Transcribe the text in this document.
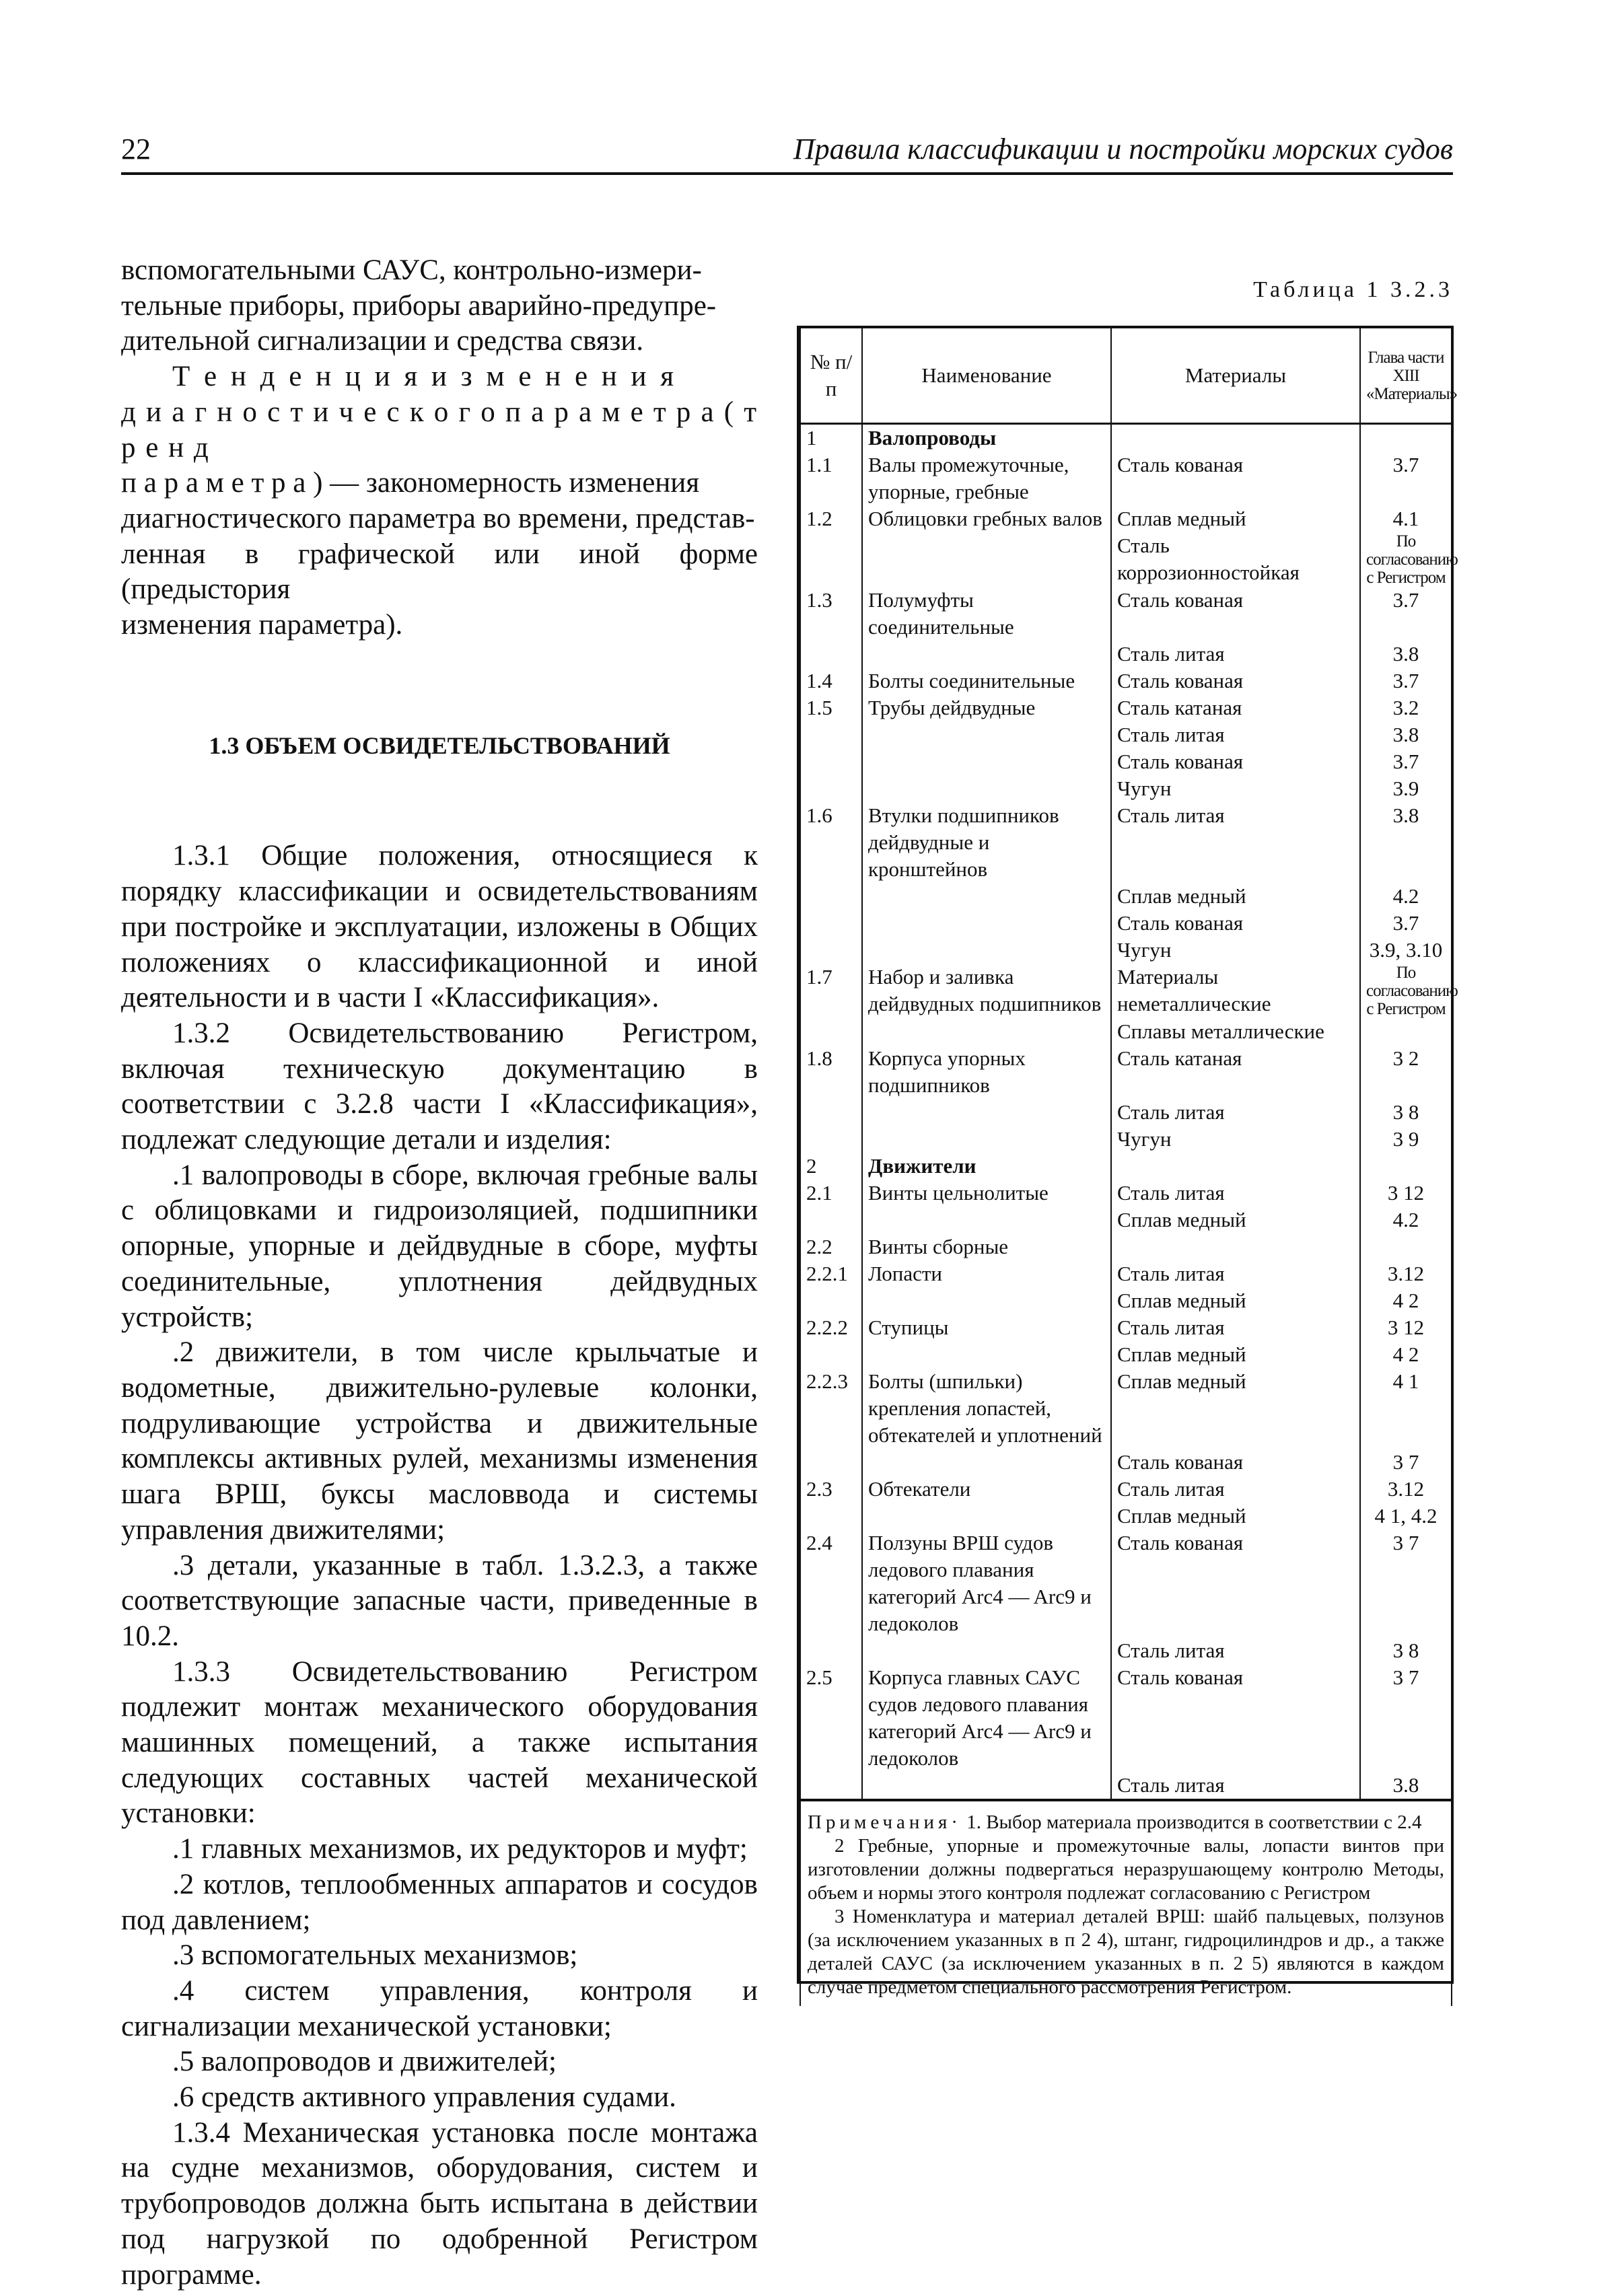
22	Правила классификации и постройки морских судов

вспомогательными САУС, контрольно-измери-

тельные приборы, приборы аварийно-предупре-

дительной сигнализации и средства связи.

Т е н д е н ц и я и з м е н е н и я

д и а г н о с т и ч е с к о г о п а р а м е т р а ( т р е н д

п а р а м е т р а ) — закономерность изменения

диагностического параметра во времени, представ-

ленная в графической или иной форме (предыстория

изменения параметра).

1.3 ОБЪЕМ ОСВИДЕТЕЛЬСТВОВАНИЙ

1.3.1 Общие положения, относящиеся к порядку классификации и освидетельствованиям при постройке и эксплуатации, изложены в Общих положениях о классификационной и иной деятельности и в части I «Классификация».

1.3.2 Освидетельствованию Регистром, включая техническую документацию в соответствии с 3.2.8 части I «Классификация», подлежат следующие детали и изделия:

.1 валопроводы в сборе, включая гребные валы с облицовками и гидроизоляцией, подшипники опорные, упорные и дейдвудные в сборе, муфты соединительные, уплотнения дейдвудных устройств;

.2 движители, в том числе крыльчатые и водометные, движительно-рулевые колонки, подруливающие устройства и движительные комплексы активных рулей, механизмы изменения шага ВРШ, буксы масловвода и системы управления движителями;

.3 детали, указанные в табл. 1.3.2.3, а также соответствующие запасные части, приведенные в 10.2.

1.3.3 Освидетельствованию Регистром подлежит монтаж механического оборудования машинных помещений, а также испытания следующих составных частей механической установки:

.1 главных механизмов, их редукторов и муфт;

.2 котлов, теплообменных аппаратов и сосудов под давлением;

.3 вспомогательных механизмов;

.4 систем управления, контроля и сигнализации механической установки;

.5 валопроводов и движителей;

.6 средств активного управления судами.

1.3.4 Механическая установка после монтажа на судне механизмов, оборудования, систем и трубопроводов должна быть испытана в действии под нагрузкой по одобренной Регистром программе.

Таблица 1 3.2.3
№ п/п	Наименование	Материалы	Глава части XIII «Материалы»
1	Валопроводы		
1.1	Валы промежуточные, упорные, гребные	Сталь кованая	3.7
1.2	Облицовки гребных валов	Сплав медный	4.1
		Сталь коррозионностойкая	По согласованию с Регистром
1.3	Полумуфты соединительные	Сталь кованая	3.7
		Сталь литая	3.8
1.4	Болты соединительные	Сталь кованая	3.7
1.5	Трубы дейдвудные	Сталь катаная	3.2
		Сталь литая	3.8
		Сталь кованая	3.7
		Чугун	3.9
1.6	Втулки подшипников дейдвудные и кронштейнов	Сталь литая	3.8
		Сплав медный	4.2
		Сталь кованая	3.7
		Чугун	3.9, 3.10
1.7	Набор и заливка дейдвудных подшипников	Материалы неметаллические	По согласованию с Регистром
		Сплавы металлические	
1.8	Корпуса упорных подшипников	Сталь катаная	3 2
		Сталь литая	3 8
		Чугун	3 9
2	Движители		
2.1	Винты цельнолитые	Сталь литая	3 12
		Сплав медный	4.2
2.2	Винты сборные		
2.2.1	Лопасти	Сталь литая	3.12
		Сплав медный	4 2
2.2.2	Ступицы	Сталь литая	3 12
		Сплав медный	4 2
2.2.3	Болты (шпильки) крепления лопастей, обтекателей и уплотнений	Сплав медный	4 1
		Сталь кованая	3 7
2.3	Обтекатели	Сталь литая	3.12
		Сплав медный	4 1, 4.2
2.4	Ползуны ВРШ судов ледового плавания категорий Arc4 — Arc9 и ледоколов	Сталь кованая	3 7
		Сталь литая	3 8
2.5	Корпуса главных САУС судов ледового плавания категорий Arc4 — Arc9 и ледоколов	Сталь кованая	3 7
		Сталь литая	3.8

Примечания· 1. Выбор материала производится в соответствии с 2.4

2 Гребные, упорные и промежуточные валы, лопасти винтов при изготовлении должны подвергаться неразрушающему контролю Методы, объем и нормы этого контроля подлежат согласованию с Регистром

3 Номенклатура и материал деталей ВРШ: шайб пальцевых, ползунов (за исключением указанных в п 2 4), штанг, гидроцилиндров и др., а также деталей САУС (за исключением указанных в п. 2 5) являются в каждом случае предметом специального рассмотрения Регистром.			
